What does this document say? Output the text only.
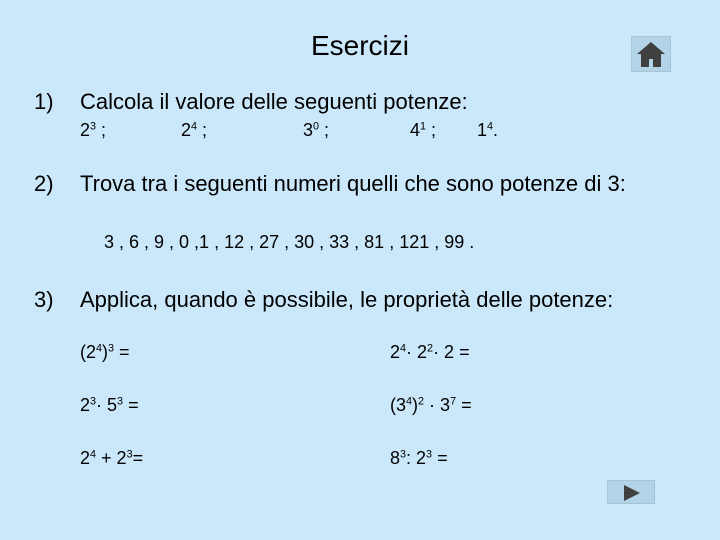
Esercizi
1) Calcola il valore delle seguenti potenze:
$2^3$ ;	$2^4$ ;	$3^0$ ;	$4^1$ ; $1^4$.
2) Trova tra i seguenti numeri quelli che sono potenze di 3:
3 , 6 , 9 , 0 ,1 , 12 , 27 , 30 , 33 , 81 , 121 , 99 .
3) Applica, quando è possibile, le proprietà delle potenze:
$(2^4)^3$ =	$2^4\cdot 2^2\cdot 2$ =
$2^3\cdot 5^3$ =	$(3^4)^2 \cdot 3^7$ =
$2^4 + 2^3=$	$8^3$: $2^3$ =
